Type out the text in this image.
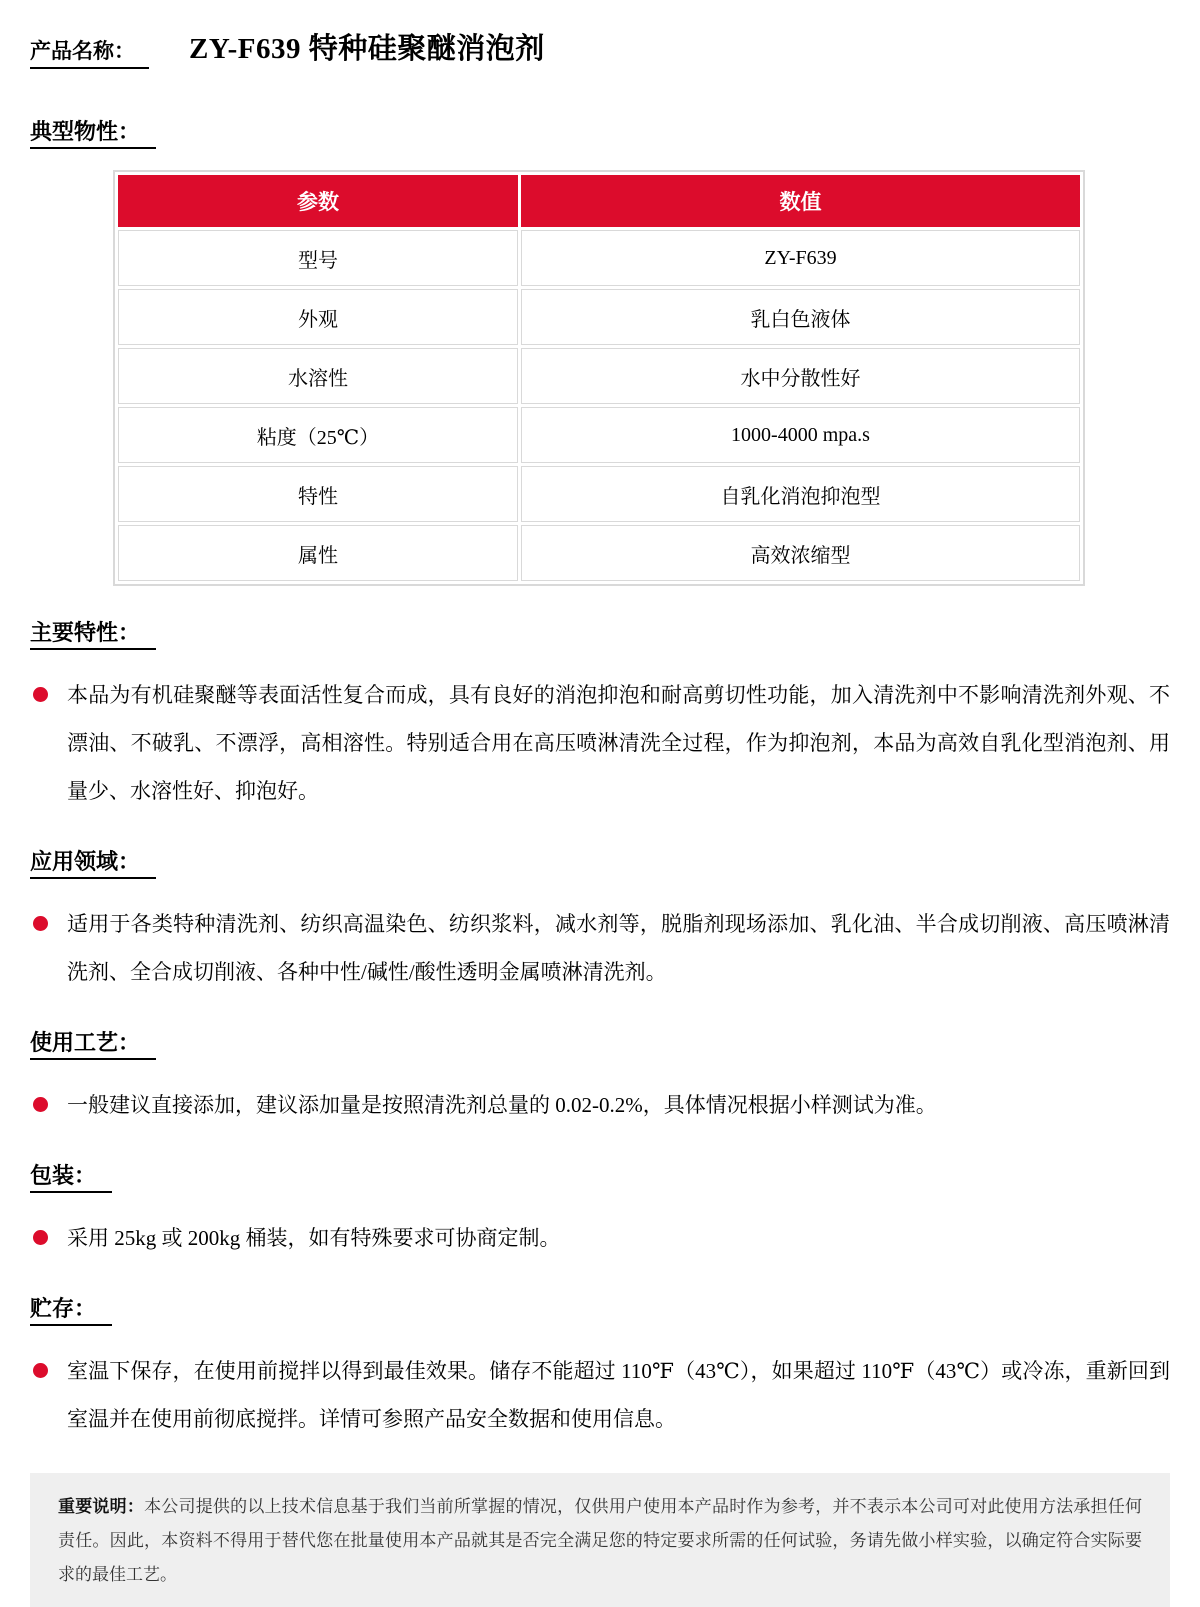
产品名称：	ZY-F639 特种硅聚醚消泡剂
典型物性：
参数	数值
型号	ZY-F639
外观	乳白色液体
水溶性	水中分散性好
粘度（25℃）	1000-4000 mpa.s
特性	自乳化消泡抑泡型
属性	高效浓缩型
主要特性：

本品为有机硅聚醚等表面活性复合而成，具有良好的消泡抑泡和耐高剪切性功能，加入清洗剂中不影响清洗剂外观、不漂油、不破乳、不漂浮，高相溶性。特别适合用在高压喷淋清洗全过程，作为抑泡剂，本品为高效自乳化型消泡剂、用量少、水溶性好、抑泡好。

应用领域：

适用于各类特种清洗剂、纺织高温染色、纺织浆料，减水剂等，脱脂剂现场添加、乳化油、半合成切削液、高压喷淋清洗剂、全合成切削液、各种中性/碱性/酸性透明金属喷淋清洗剂。

使用工艺：

一般建议直接添加，建议添加量是按照清洗剂总量的 0.02-0.2%，具体情况根据小样测试为准。

包装：

采用 25kg 或 200kg 桶装，如有特殊要求可协商定制。

贮存：

室温下保存，在使用前搅拌以得到最佳效果。储存不能超过 110℉（43℃），如果超过 110℉（43℃）或冷冻，重新回到室温并在使用前彻底搅拌。详情可参照产品安全数据和使用信息。

重要说明：本公司提供的以上技术信息基于我们当前所掌握的情况，仅供用户使用本产品时作为参考，并不表示本公司可对此使用方法承担任何责任。因此，本资料不得用于替代您在批量使用本产品就其是否完全满足您的特定要求所需的任何试验，务请先做小样实验，以确定符合实际要求的最佳工艺。
